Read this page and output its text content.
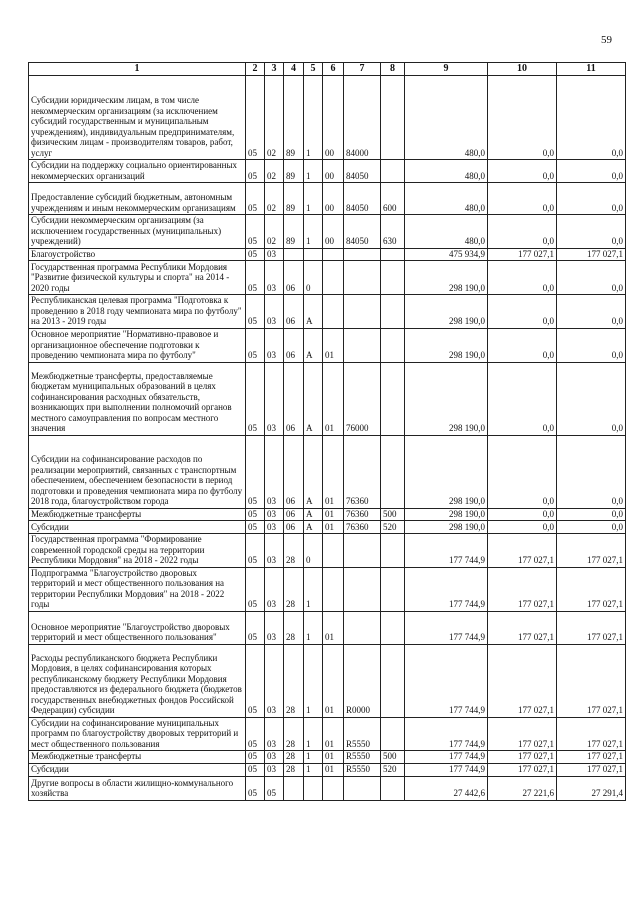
59
1	2	3	4	5	6	7	8	9	10	11
Субсидии юридическим лицам, в том числе некоммерческим организациям (за исключением субсидий государственным и муниципальным учреждениям), индивидуальным предпринимателям, физическим лицам - производителям товаров, работ, услуг	05	02	89	1	00	84000		480,0	0,0	0,0
Субсидии на поддержку социально ориентированных некоммерческих организаций	05	02	89	1	00	84050		480,0	0,0	0,0
Предоставление субсидий бюджетным, автономным учреждениям и иным некоммерческим организациям	05	02	89	1	00	84050	600	480,0	0,0	0,0
Субсидии некоммерческим организациям (за исключением государственных (муниципальных) учреждений)	05	02	89	1	00	84050	630	480,0	0,0	0,0
Благоустройство	05	03						475 934,9	177 027,1	177 027,1
Государственная программа Республики Мордовия "Развитие физической культуры и спорта" на 2014 - 2020 годы	05	03	06	0				298 190,0	0,0	0,0
Республиканская целевая программа "Подготовка к проведению в 2018 году чемпионата мира по футболу" на 2013 - 2019 годы	05	03	06	А				298 190,0	0,0	0,0
Основное мероприятие "Нормативно-правовое и организационное обеспечение подготовки к проведению чемпионата мира по футболу"	05	03	06	А	01			298 190,0	0,0	0,0
Межбюджетные трансферты, предоставляемые бюджетам муниципальных образований в целях софинансирования расходных обязательств, возникающих при выполнении полномочий органов местного самоуправления по вопросам местного значения	05	03	06	А	01	76000		298 190,0	0,0	0,0
Субсидии на софинансирование расходов по реализации мероприятий, связанных с транспортным обеспечением, обеспечением безопасности в период подготовки и проведения чемпионата мира по футболу 2018 года, благоустройством города	05	03	06	А	01	76360		298 190,0	0,0	0,0
Межбюджетные трансферты	05	03	06	А	01	76360	500	298 190,0	0,0	0,0
Субсидии	05	03	06	А	01	76360	520	298 190,0	0,0	0,0
Государственная программа "Формирование современной городской среды на территории Республики Мордовия" на 2018 - 2022 годы	05	03	28	0				177 744,9	177 027,1	177 027,1
Подпрограмма "Благоустройство дворовых территорий и мест общественного пользования на территории Республики Мордовия" на 2018 - 2022 годы	05	03	28	1				177 744,9	177 027,1	177 027,1
Основное мероприятие "Благоустройство дворовых территорий и мест общественного пользования"	05	03	28	1	01			177 744,9	177 027,1	177 027,1
Расходы республиканского бюджета Республики Мордовия, в целях софинансирования которых республиканскому бюджету Республики Мордовия предоставляются из федерального бюджета (бюджетов государственных внебюджетных фондов Российской Федерации) субсидии	05	03	28	1	01	R0000		177 744,9	177 027,1	177 027,1
Субсидии на софинансирование муниципальных программ по благоустройству дворовых территорий и мест общественного пользования	05	03	28	1	01	R5550		177 744,9	177 027,1	177 027,1
Межбюджетные трансферты	05	03	28	1	01	R5550	500	177 744,9	177 027,1	177 027,1
Субсидии	05	03	28	1	01	R5550	520	177 744,9	177 027,1	177 027,1
Другие вопросы в области жилищно-коммунального хозяйства	05	05						27 442,6	27 221,6	27 291,4
